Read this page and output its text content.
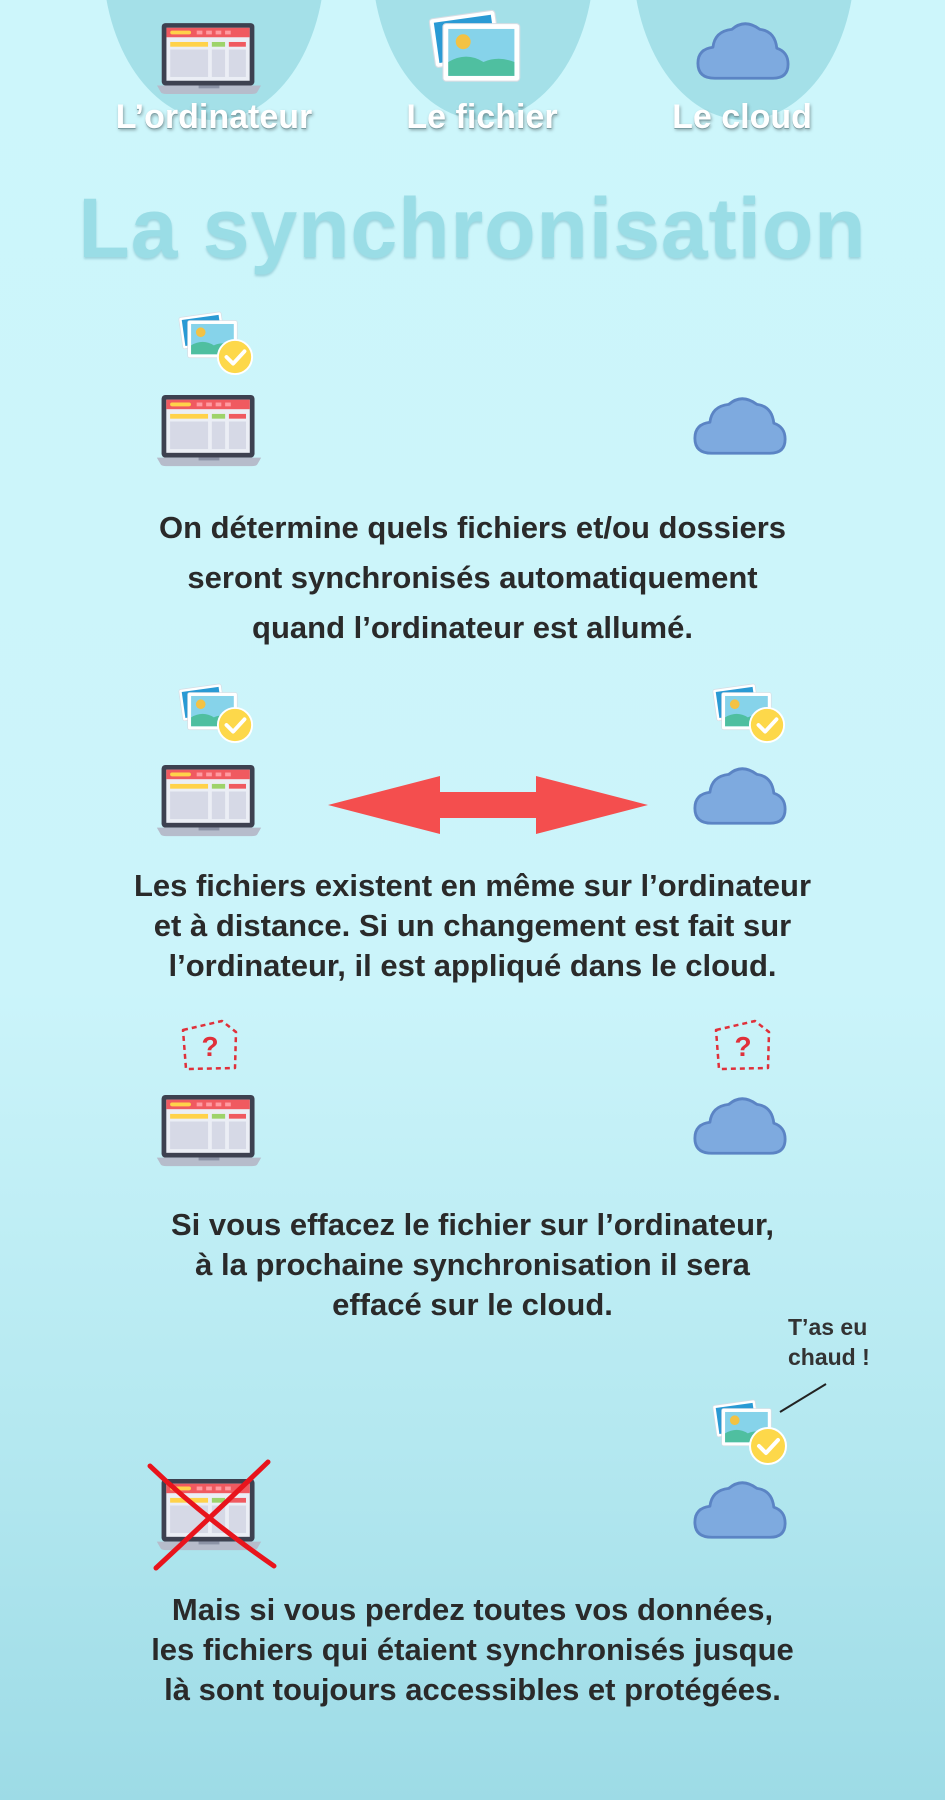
L’ordinateur	Le fichier	Le cloud
La synchronisation
On détermine quels fichiers et/ou dossiers
seront synchronisés automatiquement
quand l’ordinateur est allumé.
Les fichiers existent en même sur l’ordinateur
et à distance. Si un changement est fait sur
l’ordinateur, il est appliqué dans le cloud.
Si vous effacez le fichier sur l’ordinateur,
à la prochaine synchronisation il sera
effacé sur le cloud.
T’as eu
chaud !
Mais si vous perdez toutes vos données,
les fichiers qui étaient synchronisés jusque
là sont toujours accessibles et protégées.
